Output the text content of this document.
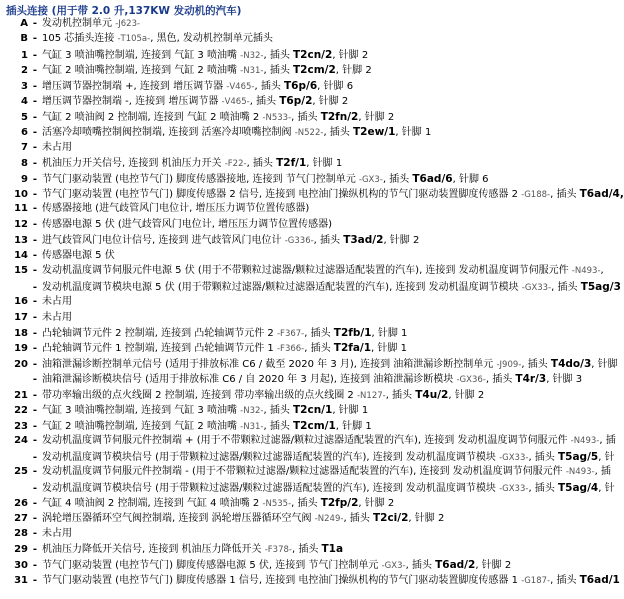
插头连接 (用于带 2.0 升,137KW 发动机的汽车)
A - 发动机控制单元 -J623-
B - 105 芯插头连接 -T105a-, 黑色, 发动机控制单元插头
1 - 气缸 3 喷油嘴控制端, 连接到 气缸 3 喷油嘴 -N32-, 插头 T2cn/2, 针脚 2
2 - 气缸 2 喷油嘴控制端, 连接到 气缸 2 喷油嘴 -N31-, 插头 T2cm/2, 针脚 2
3 - 增压调节器控制端 +, 连接到 增压调节器 -V465-, 插头 T6p/6, 针脚 6
4 - 增压调节器控制端 -, 连接到 增压调节器 -V465-, 插头 T6p/2, 针脚 2
5 - 气缸 2 喷油阀 2 控制端, 连接到 气缸 2 喷油嘴 2 -N533-, 插头 T2fn/2, 针脚 2
6 - 活塞冷却喷嘴控制阀控制端, 连接到 活塞冷却喷嘴控制阀 -N522-, 插头 T2ew/1, 针脚 1
7 - 未占用
8 - 机油压力开关信号, 连接到 机油压力开关 -F22-, 插头 T2f/1, 针脚 1
9 - 节气门驱动装置 (电控节气门) 脚度传感器接地, 连接到 节气门控制单元 -GX3-, 插头 T6ad/6, 针脚 6
10 - 节气门驱动装置 (电控节气门) 脚度传感器 2 信号, 连接到 电控油门操纵机构的节气门驱动装置脚度传感器 2 -G188-, 插头 T6ad/4,
11 - 传感器接地 (进气歧管风门电位计, 增压压力调节位置传感器)
12 - 传感器电源 5 伏 (进气歧管风门电位计, 增压压力调节位置传感器)
13 - 进气歧管风门电位计信号, 连接到 进气歧管风门电位计 -G336-, 插头 T3ad/2, 针脚 2
14 - 传感器电源 5 伏
15 - 发动机温度调节伺服元件电源 5 伏 (用于不带颗粒过滤器/颗粒过滤器适配装置的汽车), 连接到 发动机温度调节伺服元件 -N493-,
- 发动机温度调节模块电源 5 伏 (用于带颗粒过滤器/颗粒过滤器适配装置的汽车), 连接到 发动机温度调节模块 -GX33-, 插头 T5ag/3
16 - 未占用
17 - 未占用
18 - 凸轮轴调节元件 2 控制端, 连接到 凸轮轴调节元件 2 -F367-, 插头 T2fb/1, 针脚 1
19 - 凸轮轴调节元件 1 控制端, 连接到 凸轮轴调节元件 1 -F366-, 插头 T2fa/1, 针脚 1
20 - 油箱泄漏诊断控制单元信号 (适用于排放标准 C6 / 截至 2020 年 3 月), 连接到 油箱泄漏诊断控制单元 -J909-, 插头 T4do/3, 针脚
- 油箱泄漏诊断模块信号 (适用于排放标准 C6 / 自 2020 年 3 月起), 连接到 油箱泄漏诊断模块 -GX36-, 插头 T4r/3, 针脚 3
21 - 带功率输出级的点火线圈 2 控制端, 连接到 带功率输出级的点火线圈 2 -N127-, 插头 T4u/2, 针脚 2
22 - 气缸 3 喷油嘴控制端, 连接到 气缸 3 喷油嘴 -N32-, 插头 T2cn/1, 针脚 1
23 - 气缸 2 喷油嘴控制端, 连接到 气缸 2 喷油嘴 -N31-, 插头 T2cm/1, 针脚 1
24 - 发动机温度调节伺服元件控制端 + (用于不带颗粒过滤器/颗粒过滤器适配装置的汽车), 连接到 发动机温度调节伺服元件 -N493-, 插
- 发动机温度调节模块信号 (用于带颗粒过滤器/颗粒过滤器适配装置的汽车), 连接到 发动机温度调节模块 -GX33-, 插头 T5ag/5, 针
25 - 发动机温度调节伺服元件控制端 - (用于不带颗粒过滤器/颗粒过滤器适配装置的汽车), 连接到 发动机温度调节伺服元件 -N493-, 插
- 发动机温度调节模块信号 (用于带颗粒过滤器/颗粒过滤器适配装置的汽车), 连接到 发动机温度调节模块 -GX33-, 插头 T5ag/4, 针
26 - 气缸 4 喷油阀 2 控制端, 连接到 气缸 4 喷油嘴 2 -N535-, 插头 T2fp/2, 针脚 2
27 - 涡轮增压器循环空气阀控制端, 连接到 涡轮增压器循环空气阀 -N249-, 插头 T2ci/2, 针脚 2
28 - 未占用
29 - 机油压力降低开关信号, 连接到 机油压力降低开关 -F378-, 插头 T1a
30 - 节气门驱动装置 (电控节气门) 脚度传感器电源 5 伏, 连接到 节气门控制单元 -GX3-, 插头 T6ad/2, 针脚 2
31 - 节气门驱动装置 (电控节气门) 脚度传感器 1 信号, 连接到 电控油门操纵机构的节气门驱动装置脚度传感器 1 -G187-, 插头 T6ad/1
